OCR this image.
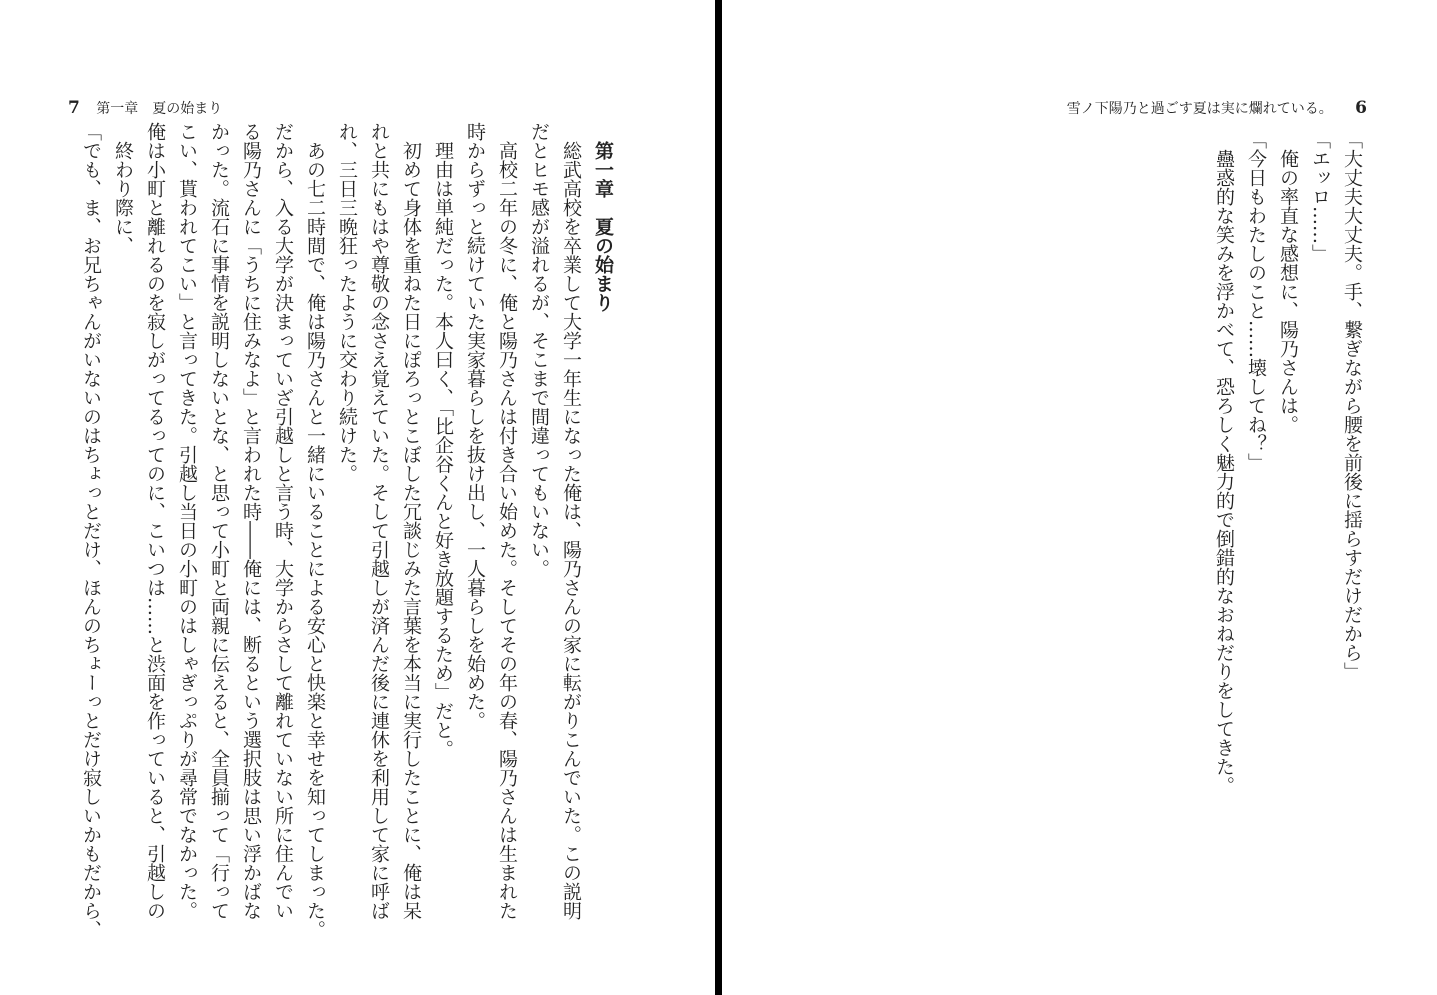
7 第一章　夏の始まり
第一章　夏の始まり
総武高校を卒業して大学一年生になった俺は、陽乃さんの家に転がりこんでいた。この説明
だとヒモ感が溢れるが、そこまで間違ってもいない。
高校二年の冬に、俺と陽乃さんは付き合い始めた。そしてその年の春、陽乃さんは生まれた
時からずっと続けていた実家暮らしを抜け出し、一人暮らしを始めた。
理由は単純だった。本人曰く、「比企谷くんと好き放題するため」だと。
初めて身体を重ねた日にぽろっとこぼした冗談じみた言葉を本当に実行したことに、俺は呆
れと共にもはや尊敬の念さえ覚えていた。そして引越しが済んだ後に連休を利用して家に呼ば
れ、三日三晩狂ったように交わり続けた。
あの七二時間で、俺は陽乃さんと一緒にいることによる安心と快楽と幸せを知ってしまった。
だから、入る大学が決まっていざ引越しと言う時、大学からさして離れていない所に住んでい
る陽乃さんに「うちに住みなよ」と言われた時――俺には、断るという選択肢は思い浮かばな
かった。流石に事情を説明しないとな、と思って小町と両親に伝えると、全員揃って「行って
こい、貰われてこい」と言ってきた。引越し当日の小町のはしゃぎっぷりが尋常でなかった。
俺は小町と離れるのを寂しがってるってのに、こいつは……と渋面を作っていると、引越しの
終わり際に、
「でも、ま、お兄ちゃんがいないのはちょっとだけ、ほんのちょーっとだけ寂しいかもだから、
雪ノ下陽乃と過ごす夏は実に爛れている。 6
「大丈夫大丈夫。手、繋ぎながら腰を前後に揺らすだけだから」
「エッロ……」
俺の率直な感想に、陽乃さんは。
「今日もわたしのこと……壊してね？」
蠱惑的な笑みを浮かべて、恐ろしく魅力的で倒錯的なおねだりをしてきた。
